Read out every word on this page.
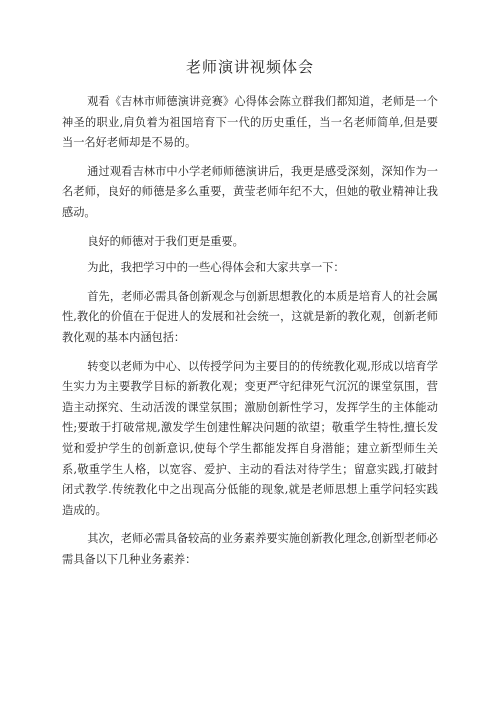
老师演讲视频体会

观看《吉林市师德演讲竞赛》心得体会陈立群我们都知道，老师是一个神圣的职业,肩负着为祖国培育下一代的历史重任，当一名老师简单,但是要当一名好老师却是不易的。

通过观看吉林市中小学老师师德演讲后，我更是感受深刻，深知作为一名老师，良好的师德是多么重要，黄莹老师年纪不大，但她的敬业精神让我感动。

良好的师德对于我们更是重要。

为此，我把学习中的一些心得体会和大家共享一下：

首先，老师必需具备创新观念与创新思想教化的本质是培育人的社会属性,教化的价值在于促进人的发展和社会统一，这就是新的教化观，创新老师教化观的基本内涵包括：

转变以老师为中心、以传授学问为主要目的的传统教化观,形成以培育学生实力为主要教学目标的新教化观；变更严守纪律死气沉沉的课堂氛围，营造主动探究、生动活泼的课堂氛围；激励创新性学习，发挥学生的主体能动性;要敢于打破常规,激发学生创建性解决问题的欲望；敬重学生特性,擅长发觉和爱护学生的创新意识,使每个学生都能发挥自身潜能；建立新型师生关系,敬重学生人格，以宽容、爱护、主动的看法对待学生；留意实践,打破封闭式教学.传统教化中之出现高分低能的现象,就是老师思想上重学问轻实践造成的。

其次，老师必需具备较高的业务素养要实施创新教化理念,创新型老师必需具备以下几种业务素养：
